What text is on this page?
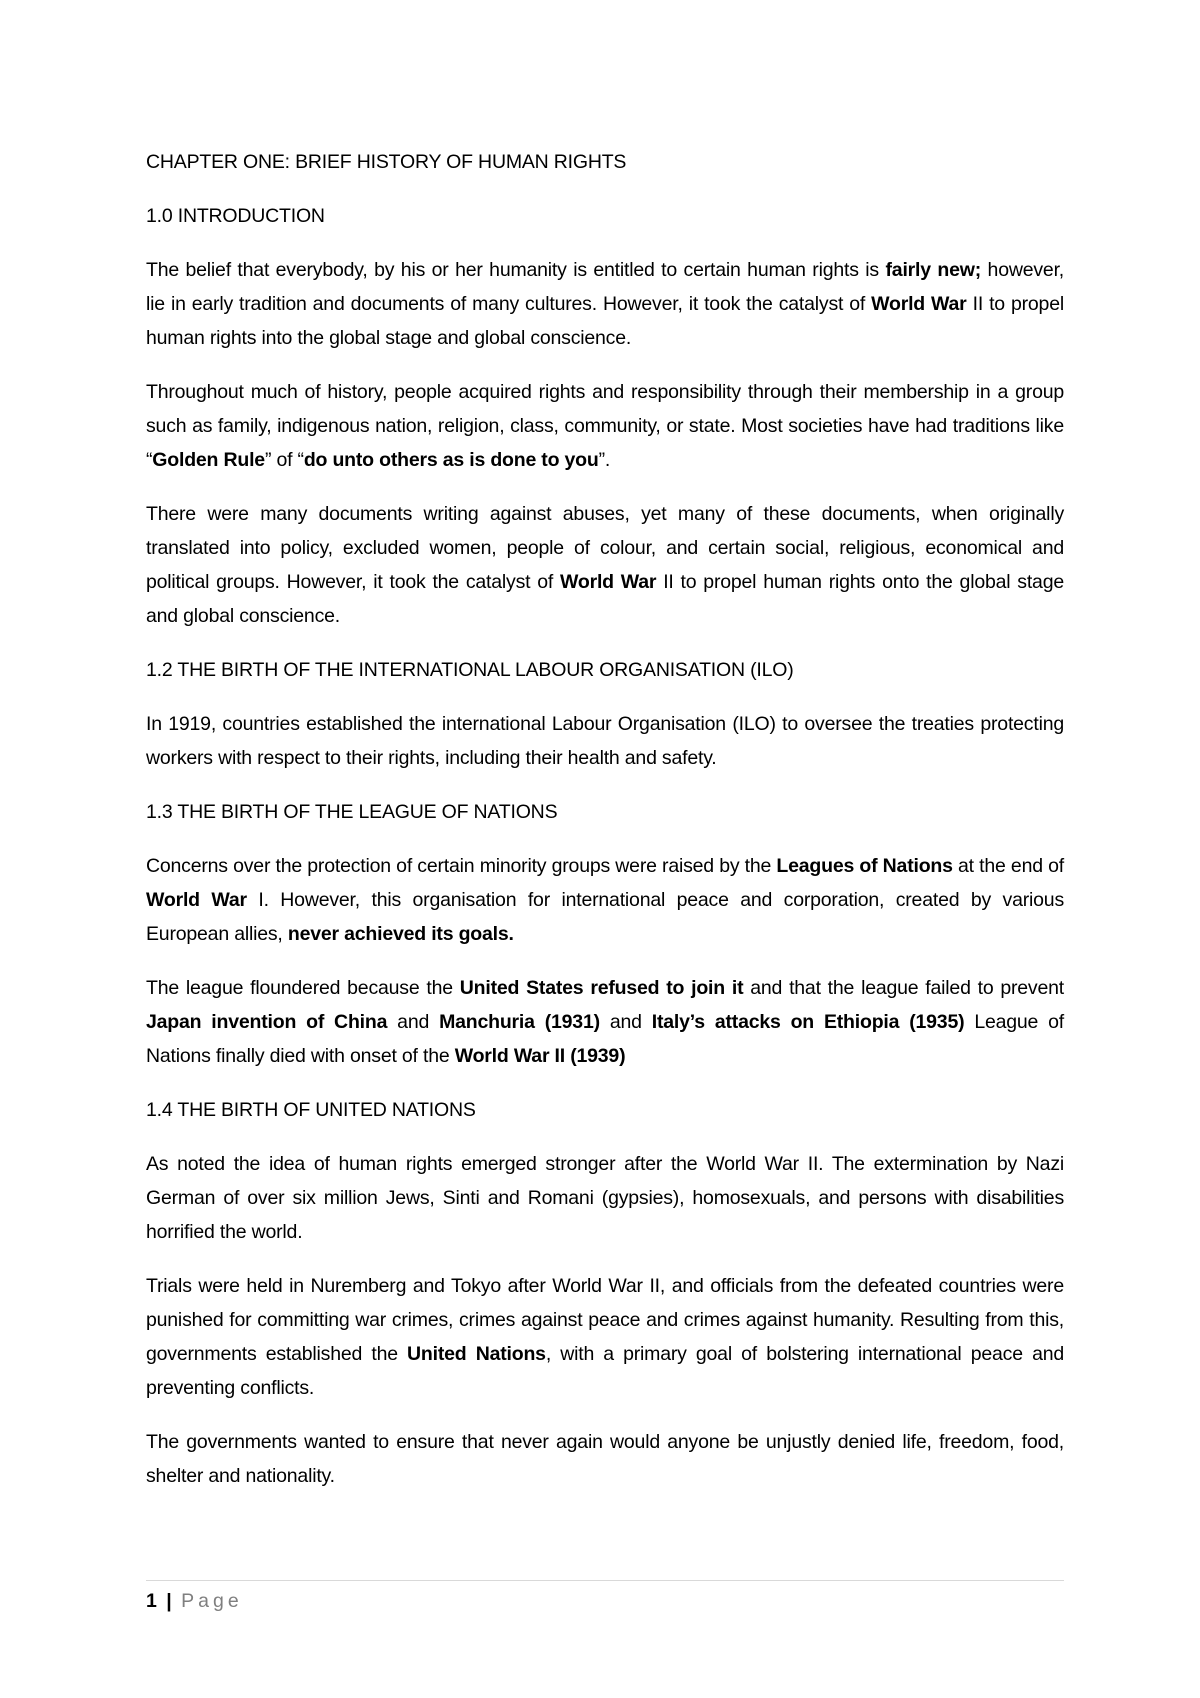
CHAPTER ONE: BRIEF HISTORY OF HUMAN RIGHTS

1.0 INTRODUCTION

The belief that everybody, by his or her humanity is entitled to certain human rights is fairly new; however, lie in early tradition and documents of many cultures. However, it took the catalyst of World War II to propel human rights into the global stage and global conscience.

Throughout much of history, people acquired rights and responsibility through their membership in a group such as family, indigenous nation, religion, class, community, or state. Most societies have had traditions like “Golden Rule” of “do unto others as is done to you”.

There were many documents writing against abuses, yet many of these documents, when originally translated into policy, excluded women, people of colour, and certain social, religious, economical and political groups. However, it took the catalyst of World War II to propel human rights onto the global stage and global conscience.

1.2 THE BIRTH OF THE INTERNATIONAL LABOUR ORGANISATION (ILO)

In 1919, countries established the international Labour Organisation (ILO) to oversee the treaties protecting workers with respect to their rights, including their health and safety.

1.3 THE BIRTH OF THE LEAGUE OF NATIONS

Concerns over the protection of certain minority groups were raised by the Leagues of Nations at the end of World War I. However, this organisation for international peace and corporation, created by various European allies, never achieved its goals.

The league floundered because the United States refused to join it and that the league failed to prevent Japan invention of China and Manchuria (1931) and Italy’s attacks on Ethiopia (1935) League of Nations finally died with onset of the World War II (1939)

1.4 THE BIRTH OF UNITED NATIONS

As noted the idea of human rights emerged stronger after the World War II. The extermination by Nazi German of over six million Jews, Sinti and Romani (gypsies), homosexuals, and persons with disabilities horrified the world.

Trials were held in Nuremberg and Tokyo after World War II, and officials from the defeated countries were punished for committing war crimes, crimes against peace and crimes against humanity. Resulting from this, governments established the United Nations, with a primary goal of bolstering international peace and preventing conflicts.

The governments wanted to ensure that never again would anyone be unjustly denied life, freedom, food, shelter and nationality.

1 | Page
